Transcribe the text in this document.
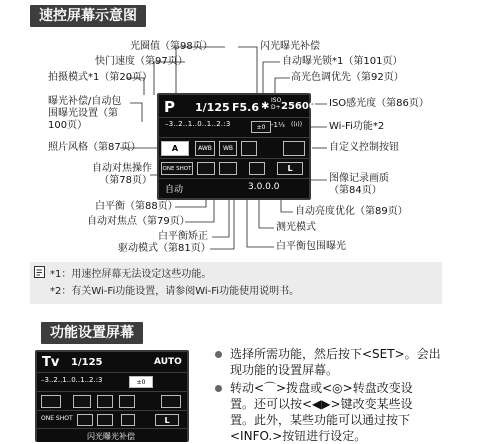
速控屏幕示意图
光圈值（第98页）	闪光曝光补偿
快门速度（第97页）	自动曝光锁*1（第101页）
拍摄模式*1（第20页）	高光色调优先（第92页）
曝光补偿/自动包围曝光设置（第100页）
ISO感光度（第86页）
Wi-Fi功能*2
照片风格（第87页）	自定义控制按钮
自动对焦操作（第78页）	图像记录画质（第84页）
白平衡（第88页）
自动对焦点（第79页）
白平衡矫正
驱动模式（第81页）
自动亮度优化（第89页）
测光模式
白平衡包围曝光
P 1/125 F5.6 ✱
ISO
D+ 25600
–3..2..1..0..1..2.:3	±0 -1⅓ ((ı))
A	AWB	WB
ONE SHOT	L
自动	3.0.0.0
*1：用速控屏幕无法设定这些功能。
*2：有关Wi-Fi功能设置，请参阅Wi-Fi功能使用说明书。
功能设置屏幕
Tv 1/125	AUTO
–3..2..1..0..1..2.:3	±0
ONE SHOT	L
闪光曝光补偿
选择所需功能，然后按下<SET>。会出
现功能的设置屏幕。
转动<⌒>拨盘或<◎>转盘改变设
置。还可以按<◀▶>键改变某些设
置。此外，某些功能可以通过按下
<INFO.>按钮进行设定。
